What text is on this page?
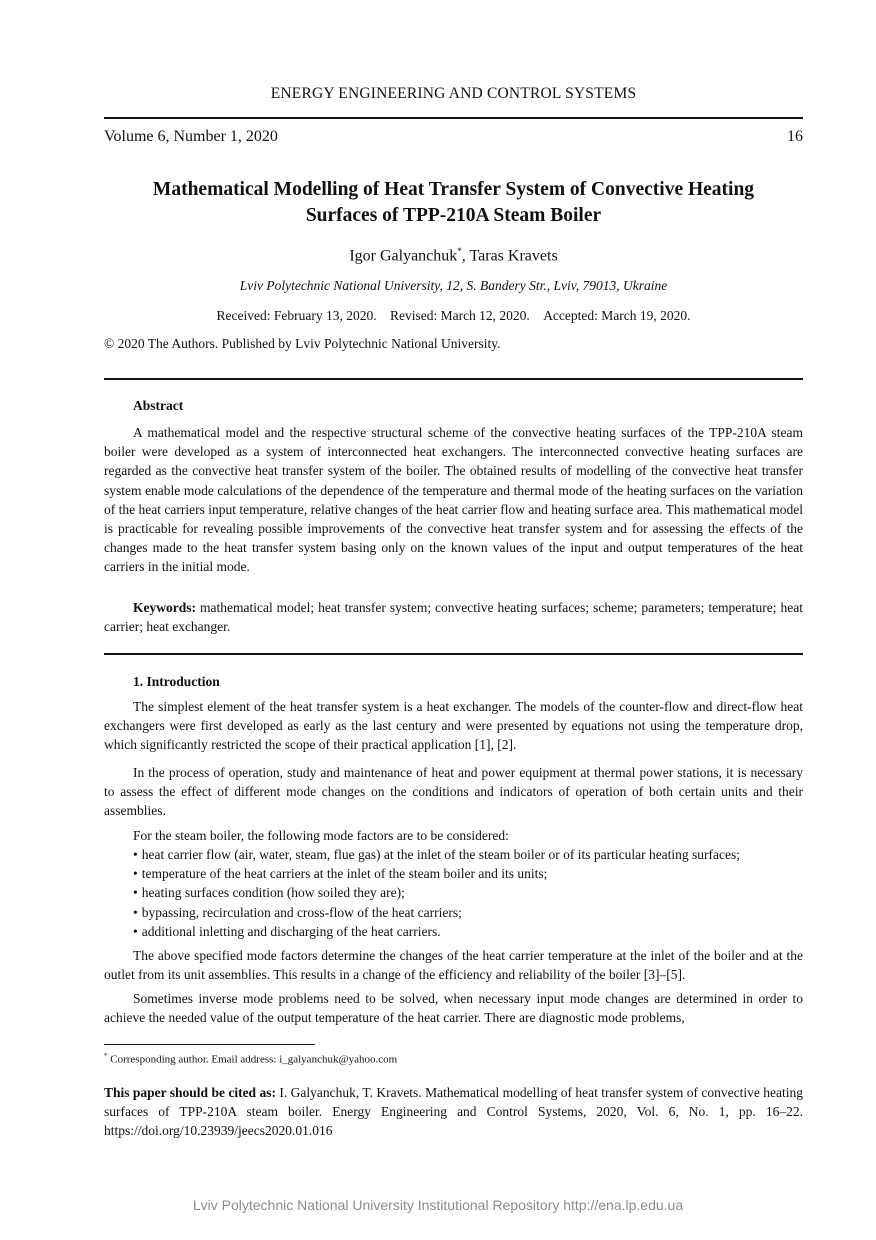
ENERGY ENGINEERING AND CONTROL SYSTEMS
Volume 6, Number 1, 2020	16
Mathematical Modelling of Heat Transfer System of Convective Heating
Surfaces of TPP-210A Steam Boiler
Igor Galyanchuk*, Taras Kravets
Lviv Polytechnic National University, 12, S. Bandery Str., Lviv, 79013, Ukraine
Received: February 13, 2020. Revised: March 12, 2020. Accepted: March 19, 2020.
© 2020 The Authors. Published by Lviv Polytechnic National University.
Abstract

A mathematical model and the respective structural scheme of the convective heating surfaces of the TPP-210A steam boiler were developed as a system of interconnected heat exchangers. The interconnected convective heating surfaces are regarded as the convective heat transfer system of the boiler. The obtained results of modelling of the convective heat transfer system enable mode calculations of the dependence of the temperature and thermal mode of the heating surfaces on the variation of the heat carriers input temperature, relative changes of the heat carrier flow and heating surface area. This mathematical model is practicable for revealing possible improvements of the convective heat transfer system and for assessing the effects of the changes made to the heat transfer system basing only on the known values of the input and output temperatures of the heat carriers in the initial mode.

Keywords: mathematical model; heat transfer system; convective heating surfaces; scheme; parameters; temperature; heat carrier; heat exchanger.

1. Introduction

The simplest element of the heat transfer system is a heat exchanger. The models of the counter-flow and direct-flow heat exchangers were first developed as early as the last century and were presented by equations not using the temperature drop, which significantly restricted the scope of their practical application [1], [2].

In the process of operation, study and maintenance of heat and power equipment at thermal power stations, it is necessary to assess the effect of different mode changes on the conditions and indicators of operation of both certain units and their assemblies.

For the steam boiler, the following mode factors are to be considered:

• heat carrier flow (air, water, steam, flue gas) at the inlet of the steam boiler or of its particular heating surfaces;
• temperature of the heat carriers at the inlet of the steam boiler and its units;
• heating surfaces condition (how soiled they are);
• bypassing, recirculation and cross-flow of the heat carriers;
• additional inletting and discharging of the heat carriers.

The above specified mode factors determine the changes of the heat carrier temperature at the inlet of the boiler and at the outlet from its unit assemblies. This results in a change of the efficiency and reliability of the boiler [3]–[5].

Sometimes inverse mode problems need to be solved, when necessary input mode changes are determined in order to achieve the needed value of the output temperature of the heat carrier. There are diagnostic mode problems,

* Corresponding author. Email address: i_galyanchuk@yahoo.com

This paper should be cited as: I. Galyanchuk, T. Kravets. Mathematical modelling of heat transfer system of convective heating surfaces of TPP-210A steam boiler. Energy Engineering and Control Systems, 2020, Vol. 6, No. 1, pp. 16–22. https://doi.org/10.23939/jeecs2020.01.016

Lviv Polytechnic National University Institutional Repository http://ena.lp.edu.ua
